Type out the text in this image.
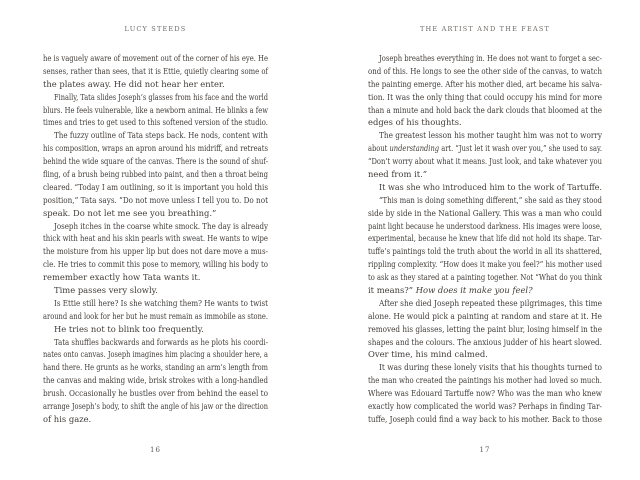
LUCY STEEDS
he is vaguely aware of movement out of the corner of his eye. He
senses, rather than sees, that it is Ettie, quietly clearing some of
the plates away. He did not hear her enter.
Finally, Tata slides Joseph’s glasses from his face and the world
blurs. He feels vulnerable, like a newborn animal. He blinks a few
times and tries to get used to this softened version of the studio.
The fuzzy outline of Tata steps back. He nods, content with
his composition, wraps an apron around his midriff, and retreats
behind the wide square of the canvas. There is the sound of shuf-
fling, of a brush being rubbed into paint, and then a throat being
cleared. “Today I am outlining, so it is important you hold this
position,” Tata says. “Do not move unless I tell you to. Do not
speak. Do not let me see you breathing.”
Joseph itches in the coarse white smock. The day is already
thick with heat and his skin pearls with sweat. He wants to wipe
the moisture from his upper lip but does not dare move a mus-
cle. He tries to commit this pose to memory, willing his body to
remember exactly how Tata wants it.
Time passes very slowly.
Is Ettie still here? Is she watching them? He wants to twist
around and look for her but he must remain as immobile as stone.
He tries not to blink too frequently.
Tata shuffles backwards and forwards as he plots his coordi-
nates onto canvas. Joseph imagines him placing a shoulder here, a
hand there. He grunts as he works, standing an arm’s length from
the canvas and making wide, brisk strokes with a long-handled
brush. Occasionally he bustles over from behind the easel to
arrange Joseph’s body, to shift the angle of his jaw or the direction
of his gaze.
16
THE ARTIST AND THE FEAST
Joseph breathes everything in. He does not want to forget a sec-
ond of this. He longs to see the other side of the canvas, to watch
the painting emerge. After his mother died, art became his salva-
tion. It was the only thing that could occupy his mind for more
than a minute and hold back the dark clouds that bloomed at the
edges of his thoughts.
The greatest lesson his mother taught him was not to worry
about understanding art. “Just let it wash over you,” she used to say.
“Don’t worry about what it means. Just look, and take whatever you
need from it.”
It was she who introduced him to the work of Tartuffe.
“This man is doing something different,” she said as they stood
side by side in the National Gallery. This was a man who could
paint light because he understood darkness. His images were loose,
experimental, because he knew that life did not hold its shape. Tar-
tuffe’s paintings told the truth about the world in all its shattered,
rippling complexity. “How does it make you feel?” his mother used
to ask as they stared at a painting together. Not “What do you think
it means?” How does it make you feel?
After she died Joseph repeated these pilgrimages, this time
alone. He would pick a painting at random and stare at it. He
removed his glasses, letting the paint blur, losing himself in the
shapes and the colours. The anxious judder of his heart slowed.
Over time, his mind calmed.
It was during these lonely visits that his thoughts turned to
the man who created the paintings his mother had loved so much.
Where was Edouard Tartuffe now? Who was the man who knew
exactly how complicated the world was? Perhaps in finding Tar-
tuffe, Joseph could find a way back to his mother. Back to those
17
